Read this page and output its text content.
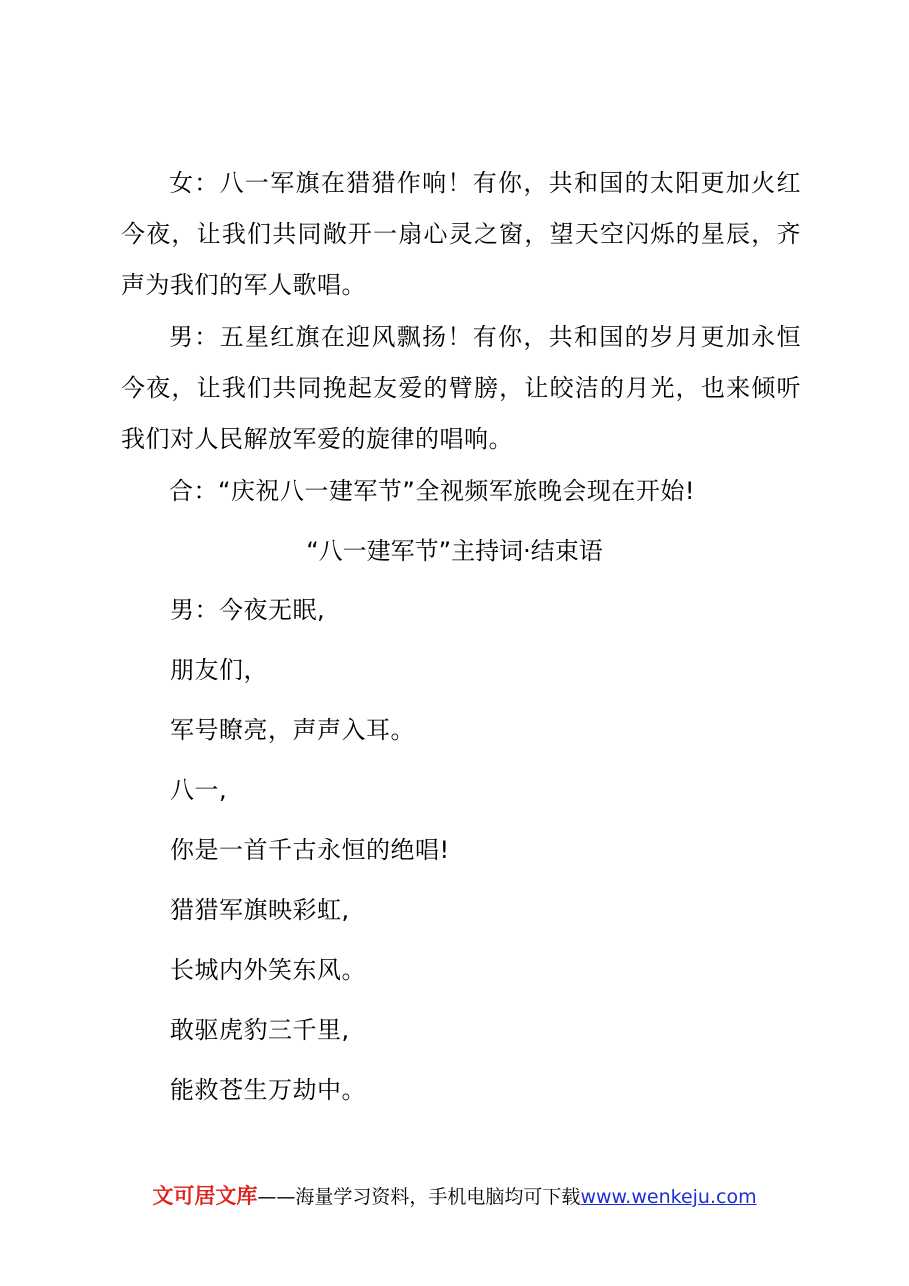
女：八一军旗在猎猎作响！有你，共和国的太阳更加火红今夜，让我们共同敞开一扇心灵之窗，望天空闪烁的星辰，齐声为我们的军人歌唱。

男：五星红旗在迎风飘扬！有你，共和国的岁月更加永恒今夜，让我们共同挽起友爱的臂膀，让皎洁的月光，也来倾听我们对人民解放军爱的旋律的唱响。

合：“庆祝八一建军节”全视频军旅晚会现在开始!

“八一建军节”主持词·结束语

男：今夜无眠,
朋友们，
军号瞭亮，声声入耳。
八一,
你是一首千古永恒的绝唱!
猎猎军旗映彩虹,
长城内外笑东风。
敢驱虎豹三千里,
能救苍生万劫中。
文可居文库——海量学习资料，手机电脑均可下载www.wenkeju.com
